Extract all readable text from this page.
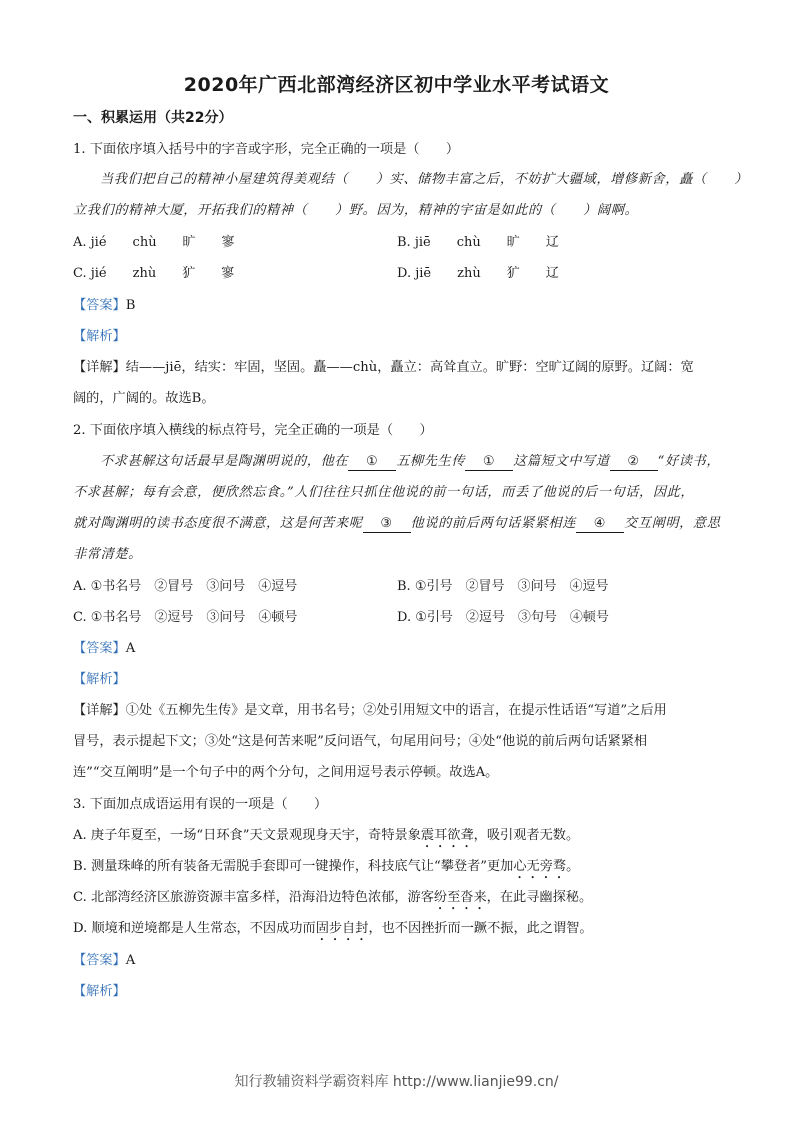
2020年广西北部湾经济区初中学业水平考试语文
一、积累运用（共22分）
1. 下面依序填入括号中的字音或字形，完全正确的一项是（　　）
当我们把自己的精神小屋建筑得美观结（　　）实、储物丰富之后，不妨扩大疆域，增修新舍，矗（　　）
立我们的精神大厦，开拓我们的精神（　　）野。因为，精神的宇宙是如此的（　　）阔啊。
A. jié　　chù　　旷　　寥	B. jiē　　chù　　旷　　辽
C. jié　　zhù　　犷　　寥	D. jiē　　zhù　　犷　　辽
【答案】B
【解析】
【详解】结——jiē，结实：牢固，坚固。矗——chù，矗立：高耸直立。旷野：空旷辽阔的原野。辽阔：宽
阔的，广阔的。故选B。
2. 下面依序填入横线的标点符号，完全正确的一项是（　　）
不求甚解这句话最早是陶渊明说的，他在 ① 五柳先生传 ① 这篇短文中写道 ② “好读书，
不求甚解；每有会意，便欣然忘食。”人们往往只抓住他说的前一句话，而丢了他说的后一句话，因此，
就对陶渊明的读书态度很不满意，这是何苦来呢 ③ 他说的前后两句话紧紧相连 ④ 交互阐明，意思
非常清楚。
A. ①书名号　②冒号　③问号　④逗号	B. ①引号　②冒号　③问号　④逗号
C. ①书名号　②逗号　③问号　④顿号	D. ①引号　②逗号　③句号　④顿号
【答案】A
【解析】
【详解】①处《五柳先生传》是文章，用书名号；②处引用短文中的语言，在提示性话语“写道”之后用
冒号，表示提起下文；③处“这是何苦来呢”反问语气，句尾用问号；④处“他说的前后两句话紧紧相
连”“交互阐明”是一个句子中的两个分句，之间用逗号表示停顿。故选A。
3. 下面加点成语运用有误的一项是（　　）
A. 庚子年夏至，一场“日环食”天文景观现身天宇，奇特景象震耳欲聋，吸引观者无数。
B. 测量珠峰的所有装备无需脱手套即可一键操作，科技底气让“攀登者”更加心无旁骛。
C. 北部湾经济区旅游资源丰富多样，沿海沿边特色浓郁，游客纷至沓来，在此寻幽探秘。
D. 顺境和逆境都是人生常态，不因成功而固步自封，也不因挫折而一蹶不振，此之谓智。
【答案】A
【解析】
知行教辅资料学霸资料库 http://www.lianjie99.cn/
